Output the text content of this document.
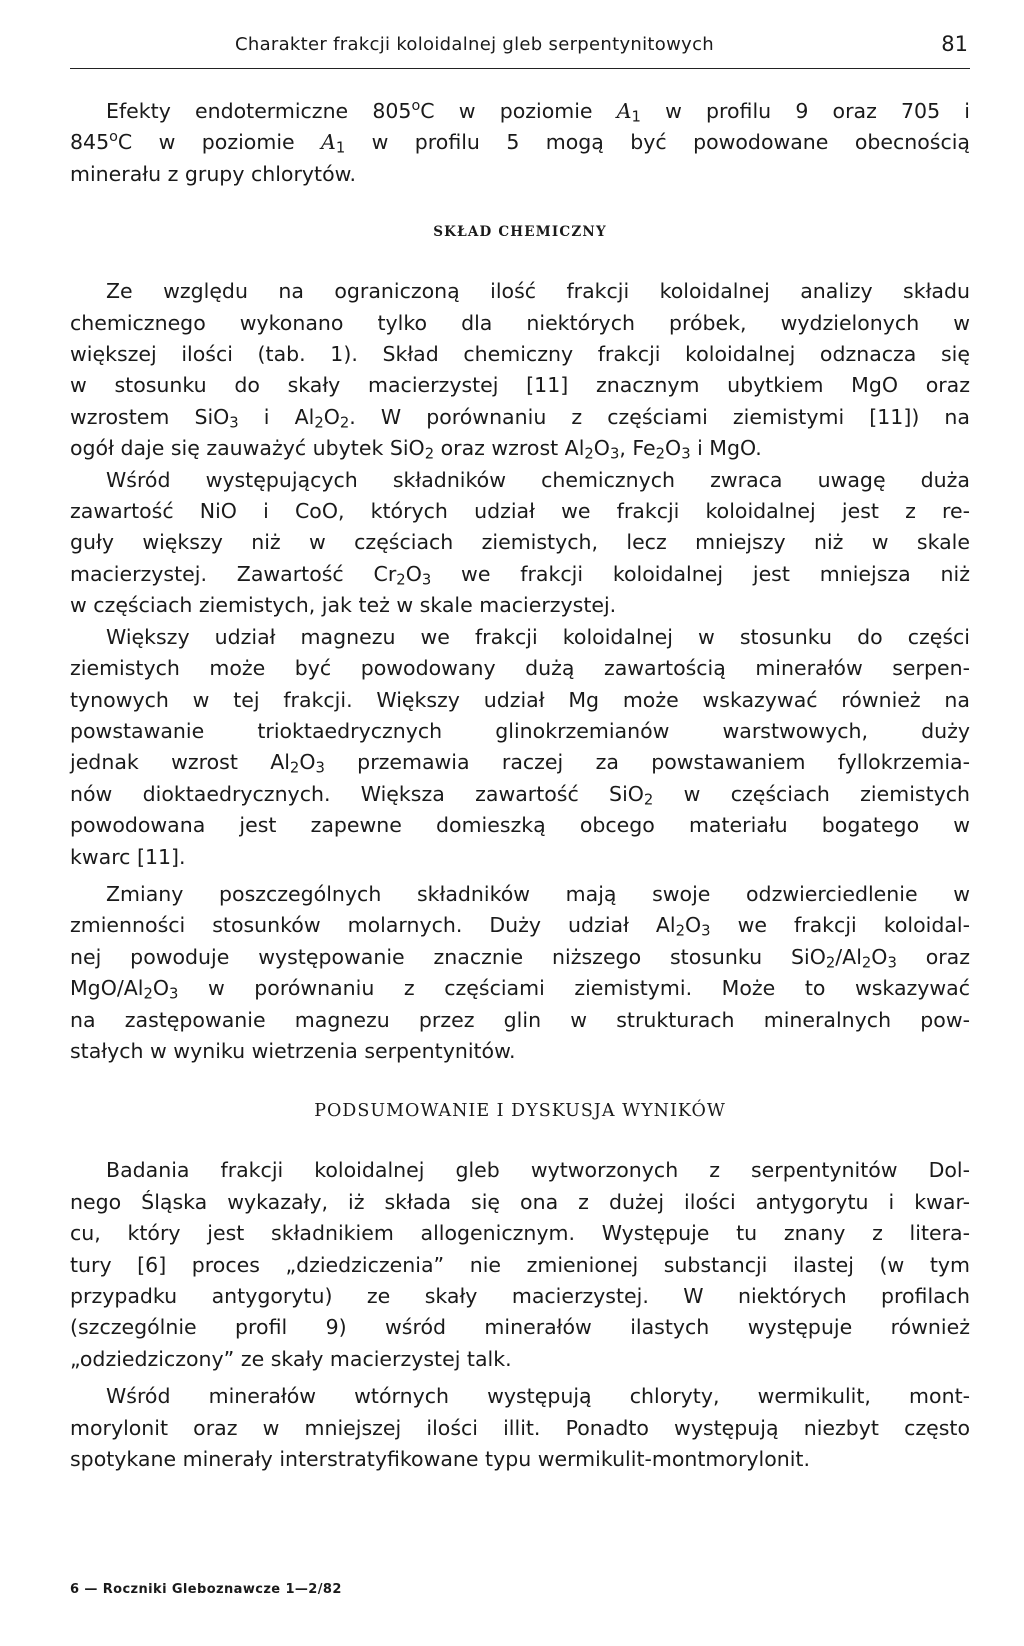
Charakter frakcji koloidalnej gleb serpentynitowych	81
Efekty endotermiczne 805$^o$C w poziomie $A_1$ w profilu 9 oraz 705 i
845$^o$C w poziomie $A_1$ w profilu 5 mogą być powodowane obecnością
minerału z grupy chlorytów.
SKŁAD CHEMICZNY
Ze względu na ograniczoną ilość frakcji koloidalnej analizy składu
chemicznego wykonano tylko dla niektórych próbek, wydzielonych w
większej ilości (tab. 1). Skład chemiczny frakcji koloidalnej odznacza się
w stosunku do skały macierzystej [11] znacznym ubytkiem MgO oraz
wzrostem SiO$_3$ i $Al_2O_2$. W porównaniu z częściami ziemistymi [11]) na
ogół daje się zauważyć ubytek SiO$_2$ oraz wzrost $Al_2O_3$, $Fe_2O_3$ i MgO.
Wśród występujących składników chemicznych zwraca uwagę duża
zawartość NiO i CoO, których udział we frakcji koloidalnej jest z re-
guły większy niż w częściach ziemistych, lecz mniejszy niż w skale
macierzystej. Zawartość $Cr_2O_3$ we frakcji koloidalnej jest mniejsza niż
w częściach ziemistych, jak też w skale macierzystej.
Większy udział magnezu we frakcji koloidalnej w stosunku do części
ziemistych może być powodowany dużą zawartością minerałów serpen-
tynowych w tej frakcji. Większy udział Mg może wskazywać również na
powstawanie trioktaedrycznych glinokrzemianów warstwowych, duży
jednak wzrost $Al_2O_3$ przemawia raczej za powstawaniem fyllokrzemia-
nów dioktaedrycznych. Większa zawartość SiO$_2$ w częściach ziemistych
powodowana jest zapewne domieszką obcego materiału bogatego w
kwarc [11].
Zmiany poszczególnych składników mają swoje odzwierciedlenie w
zmienności stosunków molarnych. Duży udział $Al_2O_3$ we frakcji koloidal-
nej powoduje występowanie znacznie niższego stosunku $SiO_2/Al_2O_3$ oraz
MgO/$Al_2O_3$ w porównaniu z częściami ziemistymi. Może to wskazywać
na zastępowanie magnezu przez glin w strukturach mineralnych pow-
stałych w wyniku wietrzenia serpentynitów.
PODSUMOWANIE I DYSKUSJA WYNIKÓW
Badania frakcji koloidalnej gleb wytworzonych z serpentynitów Dol-
nego Śląska wykazały, iż składa się ona z dużej ilości antygorytu i kwar-
cu, który jest składnikiem allogenicznym. Występuje tu znany z litera-
tury [6] proces „dziedziczenia” nie zmienionej substancji ilastej (w tym
przypadku antygorytu) ze skały macierzystej. W niektórych profilach
(szczególnie profil 9) wśród minerałów ilastych występuje również
„odziedziczony” ze skały macierzystej talk.
Wśród minerałów wtórnych występują chloryty, wermikulit, mont-
morylonit oraz w mniejszej ilości illit. Ponadto występują niezbyt często
spotykane minerały interstratyfikowane typu wermikulit-montmorylonit.
6 — Roczniki Gleboznawcze 1—2/82
